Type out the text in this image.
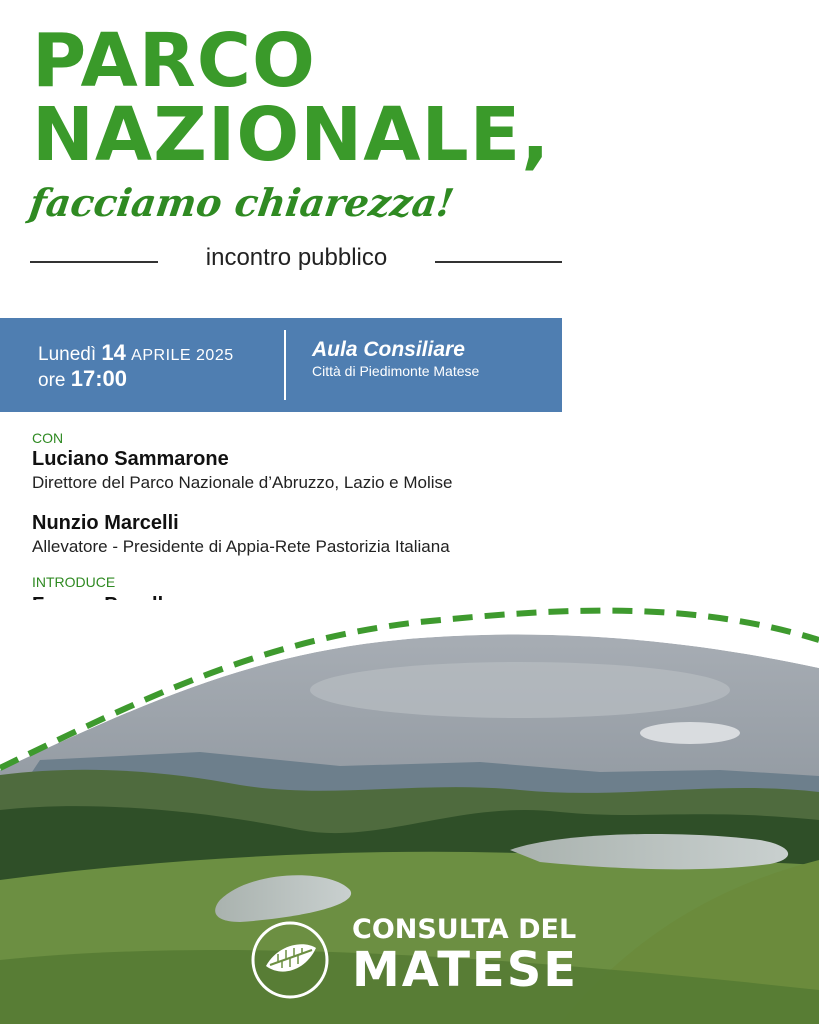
PARCO
NAZIONALE,
facciamo chiarezza!
incontro pubblico
Lunedì 14 APRILE 2025
ore 17:00
Aula Consiliare
Città di Piedimonte Matese
CON
Luciano Sammarone
Direttore del Parco Nazionale d’Abruzzo, Lazio e Molise
Nunzio Marcelli
Allevatore - Presidente di Appia-Rete Pastorizia Italiana
INTRODUCE
CONSULTA DEL
MATESE
